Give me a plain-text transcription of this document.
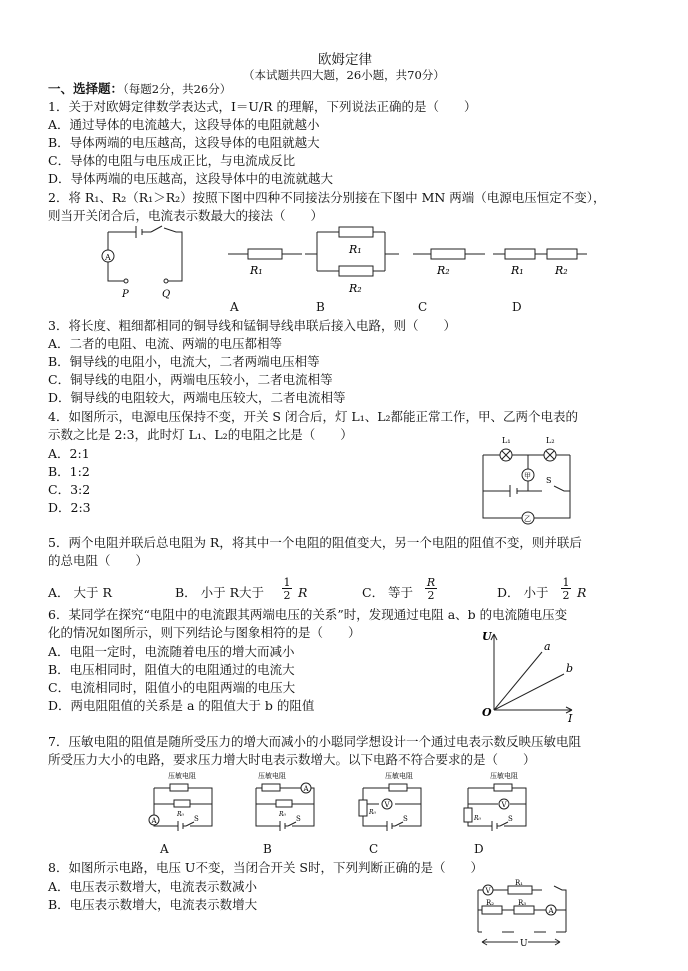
欧姆定律
（本试题共四大题，26小题，共70分）
一、选择题：（每题2分，共26分）
1．关于对欧姆定律数学表达式，I＝U/R 的理解，下列说法正确的是（　　）
A．通过导体的电流越大，这段导体的电阻就越小
B．导体两端的电压越高，这段导体的电阻就越大
C．导体的电阻与电压成正比，与电流成反比
D．导体两端的电压越高，这段导体中的电流就越大
2．将 R₁、R₂（R₁＞R₂）按照下图中四种不同接法分别接在下图中 MN 两端（电源电压恒定不变），
则当开关闭合后，电流表示数最大的接法（　　）
A
P	Q
R₁
R₁
R₂
R₂	R₁	R₂
A	B	C	D
3．将长度、粗细都相同的铜导线和锰铜导线串联后接入电路，则（　　）
A．二者的电阻、电流、两端的电压都相等
B．铜导线的电阻小，电流大，二者两端电压相等
C．铜导线的电阻小，两端电压较小，二者电流相等
D．铜导线的电阻较大，两端电压较大，二者电流相等
4．如图所示，电源电压保持不变，开关 S 闭合后，灯 L₁、L₂都能正常工作，甲、乙两个电表的
示数之比是 2:3，此时灯 L₁、L₂的电阻之比是（　　）
A．2:1
B．1:2
C．3:2
D．2:3
L₁	L₂
甲
乙
S
5．两个电阻并联后总电阻为 R，将其中一个电阻的阻值变大，另一个电阻的阻值不变，则并联后
的总电阻（　　）
A． 大于 R	B． 小于 R大于
1
2 R	C． 等于
R
2	D． 小于
1
2 R
6．某同学在探究“电阻中的电流跟其两端电压的关系”时，发现通过电阻 a、b 的电流随电压变
化的情况如图所示，则下列结论与图象相符的是（　　）
A．电阻一定时，电流随着电压的增大而减小
B．电压相同时，阻值大的电阻通过的电流大
C．电流相同时，阻值小的电阻两端的电压大
D．两电阻阻值的关系是 a 的阻值大于 b 的阻值
U
I
O
a
b
7．压敏电阻的阻值是随所受压力的增大而减小的小聪同学想设计一个通过电表示数反映压敏电阻
所受压力大小的电路，要求压力增大时电表示数增大。以下电路不符合要求的是（　　）
压敏电阻
A
R₀
S
压敏电阻
A
R₀
S
压敏电阻
V
R₀
S
压敏电阻
V
R₀	S
A	B	C	D
8．如图所示电路，电压 U不变，当闭合开关 S时，下列判断正确的是（　　）
A．电压表示数增大，电流表示数减小
B．电压表示数增大，电流表示数增大
V
A
R₁
R₂	R₃
U
